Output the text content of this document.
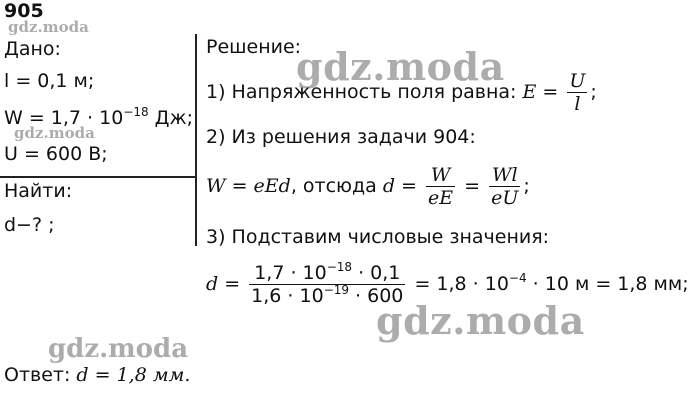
905
gdz.moda
Дано:
l = 0,1 м;
$W = 1,7 \cdot 10^{-18}$ Дж;
gdz.moda
U = 600 В;
Найти:
d−? ;
Решение:
gdz.moda
1) Напряженность поля равна: $E = \frac{U}{l}$ ;
2) Из решения задачи 904:
W = eEd, отсюда $d = \frac{W}{eE} = \frac{Wl}{eU}$ ;
3) Подставим числовые значения:
$d = \frac{1,7 \cdot 10^{-18} \cdot 0,1}{1,6 \cdot 10^{-19} \cdot 600} = 1,8 \cdot 10^{-4} \cdot 10$ м = 1,8 мм;
gdz.moda
gdz.moda
Ответ: d = 1,8 мм.
